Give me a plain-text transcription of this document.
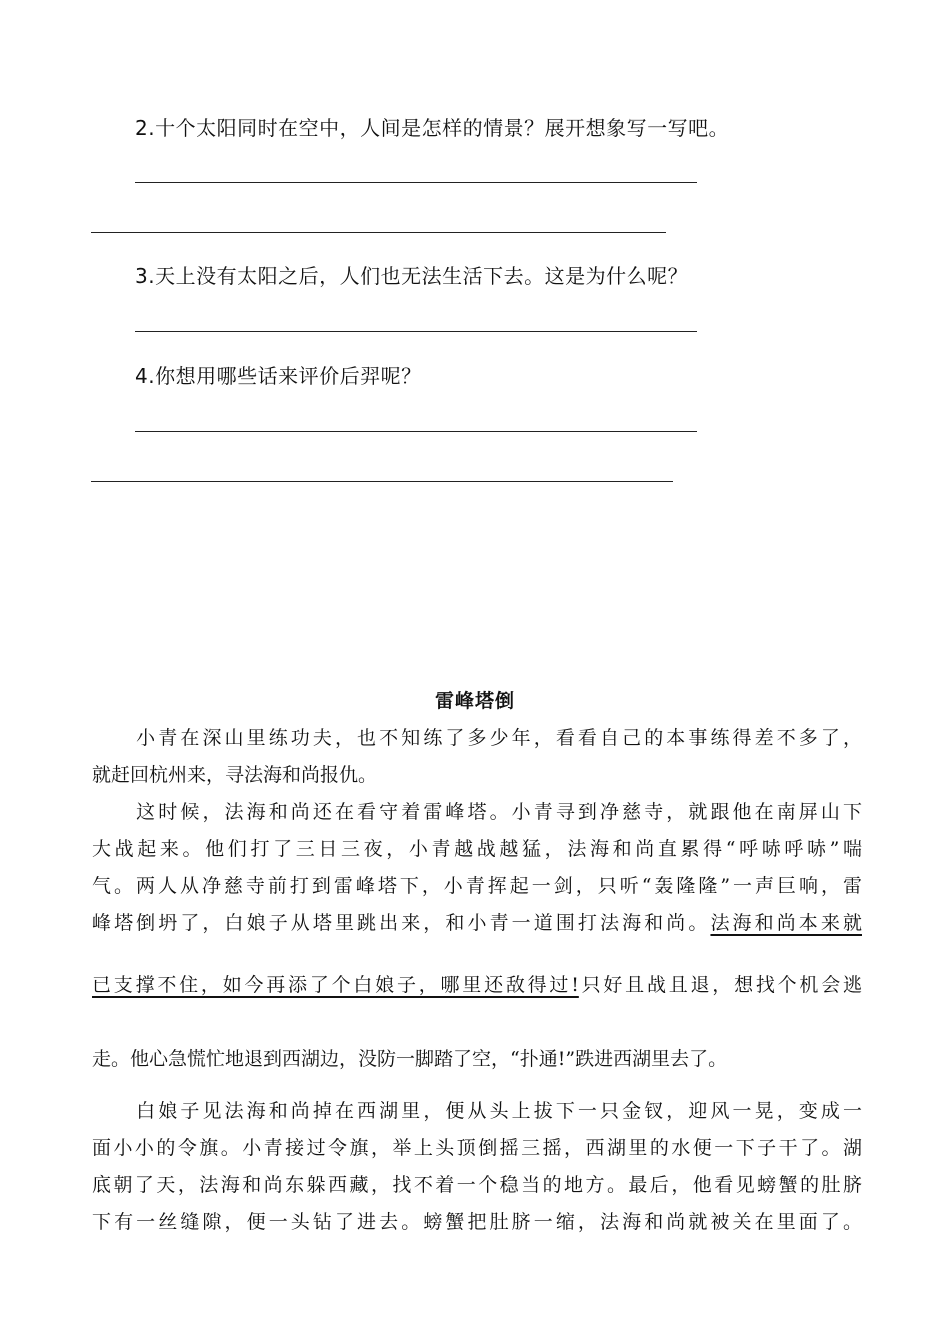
2.十个太阳同时在空中，人间是怎样的情景？展开想象写一写吧。
3.天上没有太阳之后，人们也无法生活下去。这是为什么呢？
4.你想用哪些话来评价后羿呢？
雷峰塔倒
　　小青在深山里练功夫，也不知练了多少年，看看自己的本事练得差不多了，
就赶回杭州来，寻法海和尚报仇。
　　这时候，法海和尚还在看守着雷峰塔。小青寻到净慈寺，就跟他在南屏山下
大战起来。他们打了三日三夜，小青越战越猛，法海和尚直累得“呼哧呼哧”喘
气。两人从净慈寺前打到雷峰塔下，小青挥起一剑，只听“轰隆隆”一声巨响，雷
峰塔倒坍了，白娘子从塔里跳出来，和小青一道围打法海和尚。法海和尚本来就
已支撑不住，如今再添了个白娘子，哪里还敌得过!只好且战且退，想找个机会逃
走。他心急慌忙地退到西湖边，没防一脚踏了空，“扑通!”跌进西湖里去了。
　　白娘子见法海和尚掉在西湖里，便从头上拔下一只金钗，迎风一晃，变成一
面小小的令旗。小青接过令旗，举上头顶倒摇三摇，西湖里的水便一下子干了。湖
底朝了天，法海和尚东躲西藏，找不着一个稳当的地方。最后，他看见螃蟹的肚脐
下有一丝缝隙，便一头钻了进去。螃蟹把肚脐一缩，法海和尚就被关在里面了。
